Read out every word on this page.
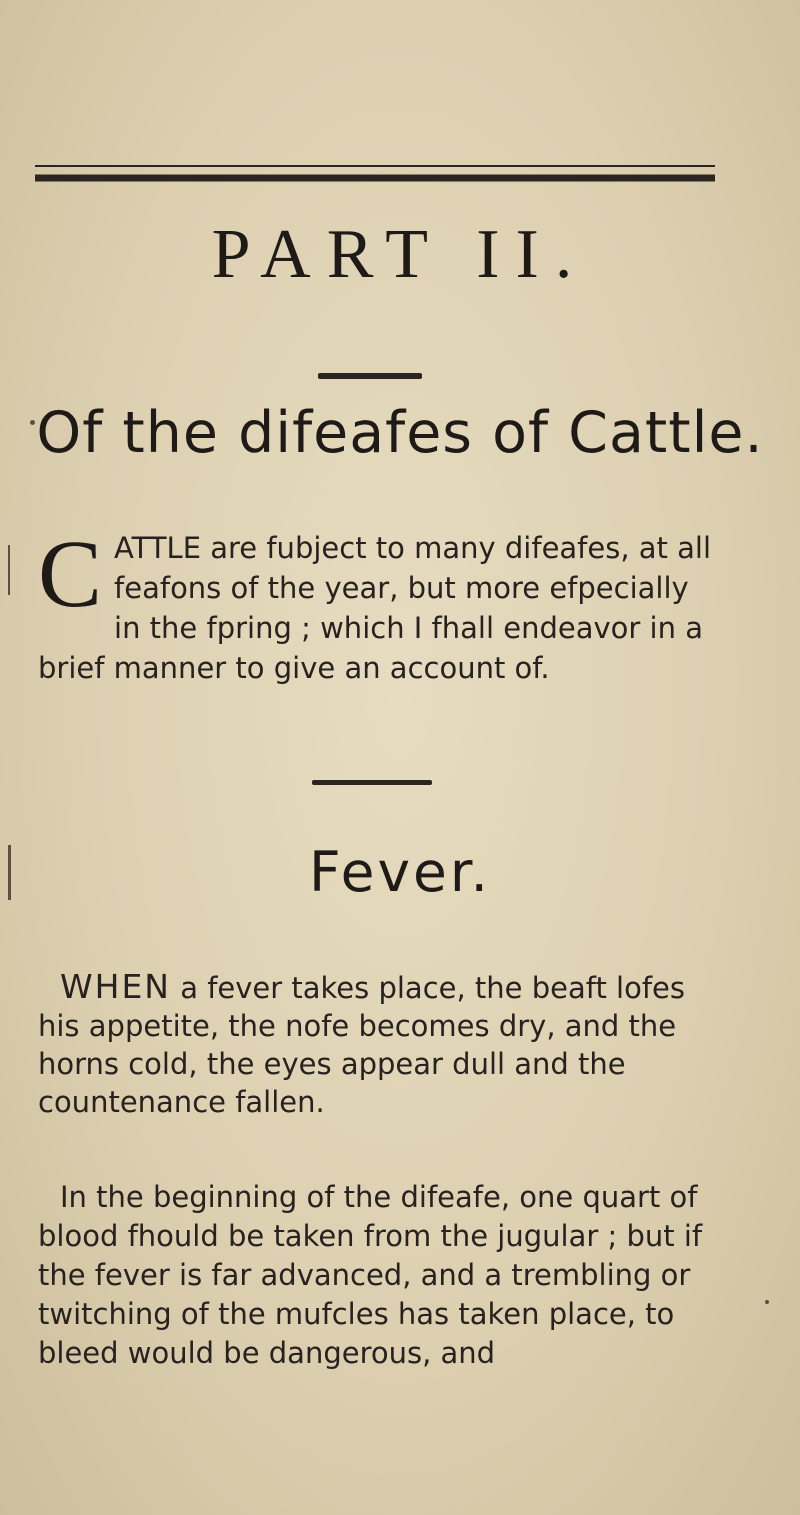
PART II.
Of the difeafes of Cattle.

C ATTLE are fubject to many difeafes, at all feafons of the year, but more efpecially in the fpring ; which I fhall endeavor in a brief manner to give an account of.

Fever.

WHEN a fever takes place, the beaft lofes his appetite, the nofe becomes dry, and the horns cold, the eyes appear dull and the countenance fallen.

In the beginning of the difeafe, one quart of blood fhould be taken from the jugular ; but if the fever is far advanced, and a trembling or twitching of the mufcles has taken place, to bleed would be dangerous, and
